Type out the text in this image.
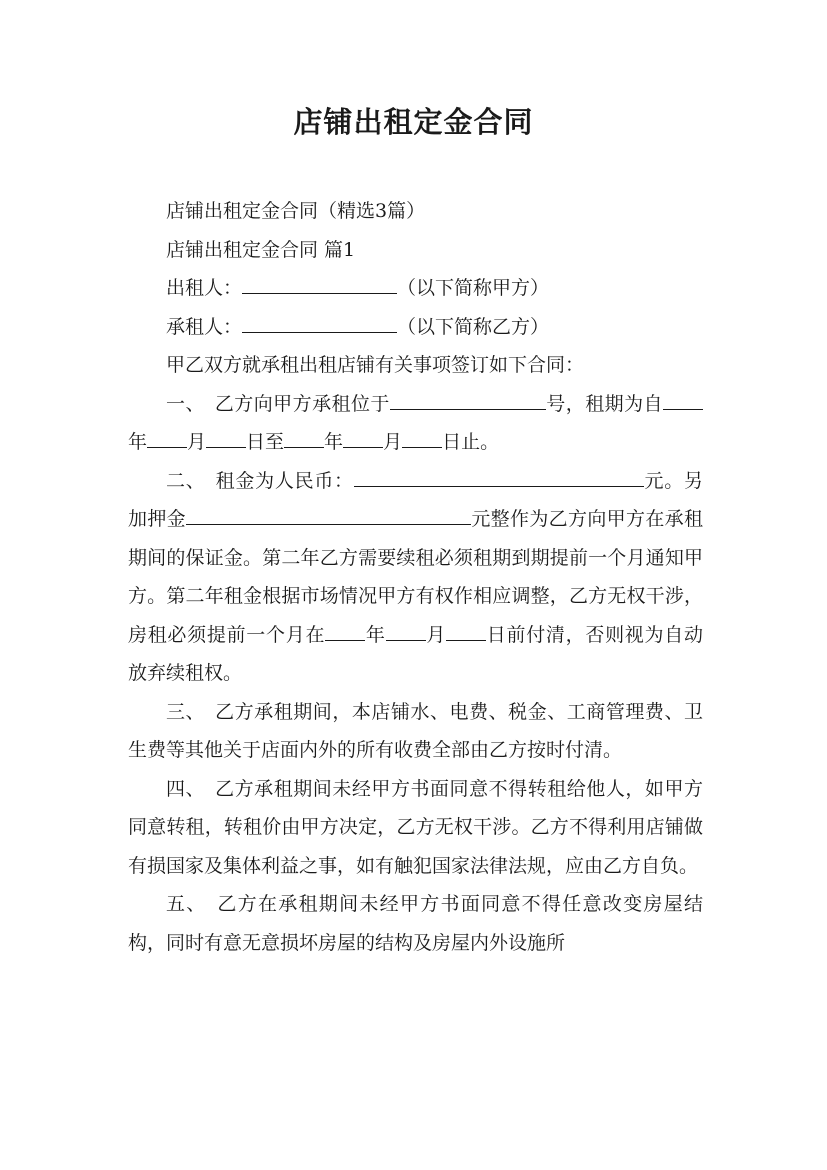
店铺出租定金合同

店铺出租定金合同（精选3篇）

店铺出租定金合同 篇1

出租人：	（以下简称甲方）

承租人：	（以下简称乙方）

甲乙双方就承租出租店铺有关事项签订如下合同：

一、　乙方向甲方承租位于	号，租期为自年 月 日至 年 月 日止。

二、　租金为人民币：	元。另加押金	元整作为乙方向甲方在承租期间的保证金。第二年乙方需要续租必须租期到期提前一个月通知甲方。第二年租金根据市场情况甲方有权作相应调整，乙方无权干涉，房租必须提前一个月在 年 月 日前付清，否则视为自动放弃续租权。

三、　乙方承租期间，本店铺水、电费、税金、工商管理费、卫生费等其他关于店面内外的所有收费全部由乙方按时付清。

四、　乙方承租期间未经甲方书面同意不得转租给他人，如甲方同意转租，转租价由甲方决定，乙方无权干涉。乙方不得利用店铺做有损国家及集体利益之事，如有触犯国家法律法规，应由乙方自负。

五、　乙方在承租期间未经甲方书面同意不得任意改变房屋结构，同时有意无意损坏房屋的结构及房屋内外设施所
